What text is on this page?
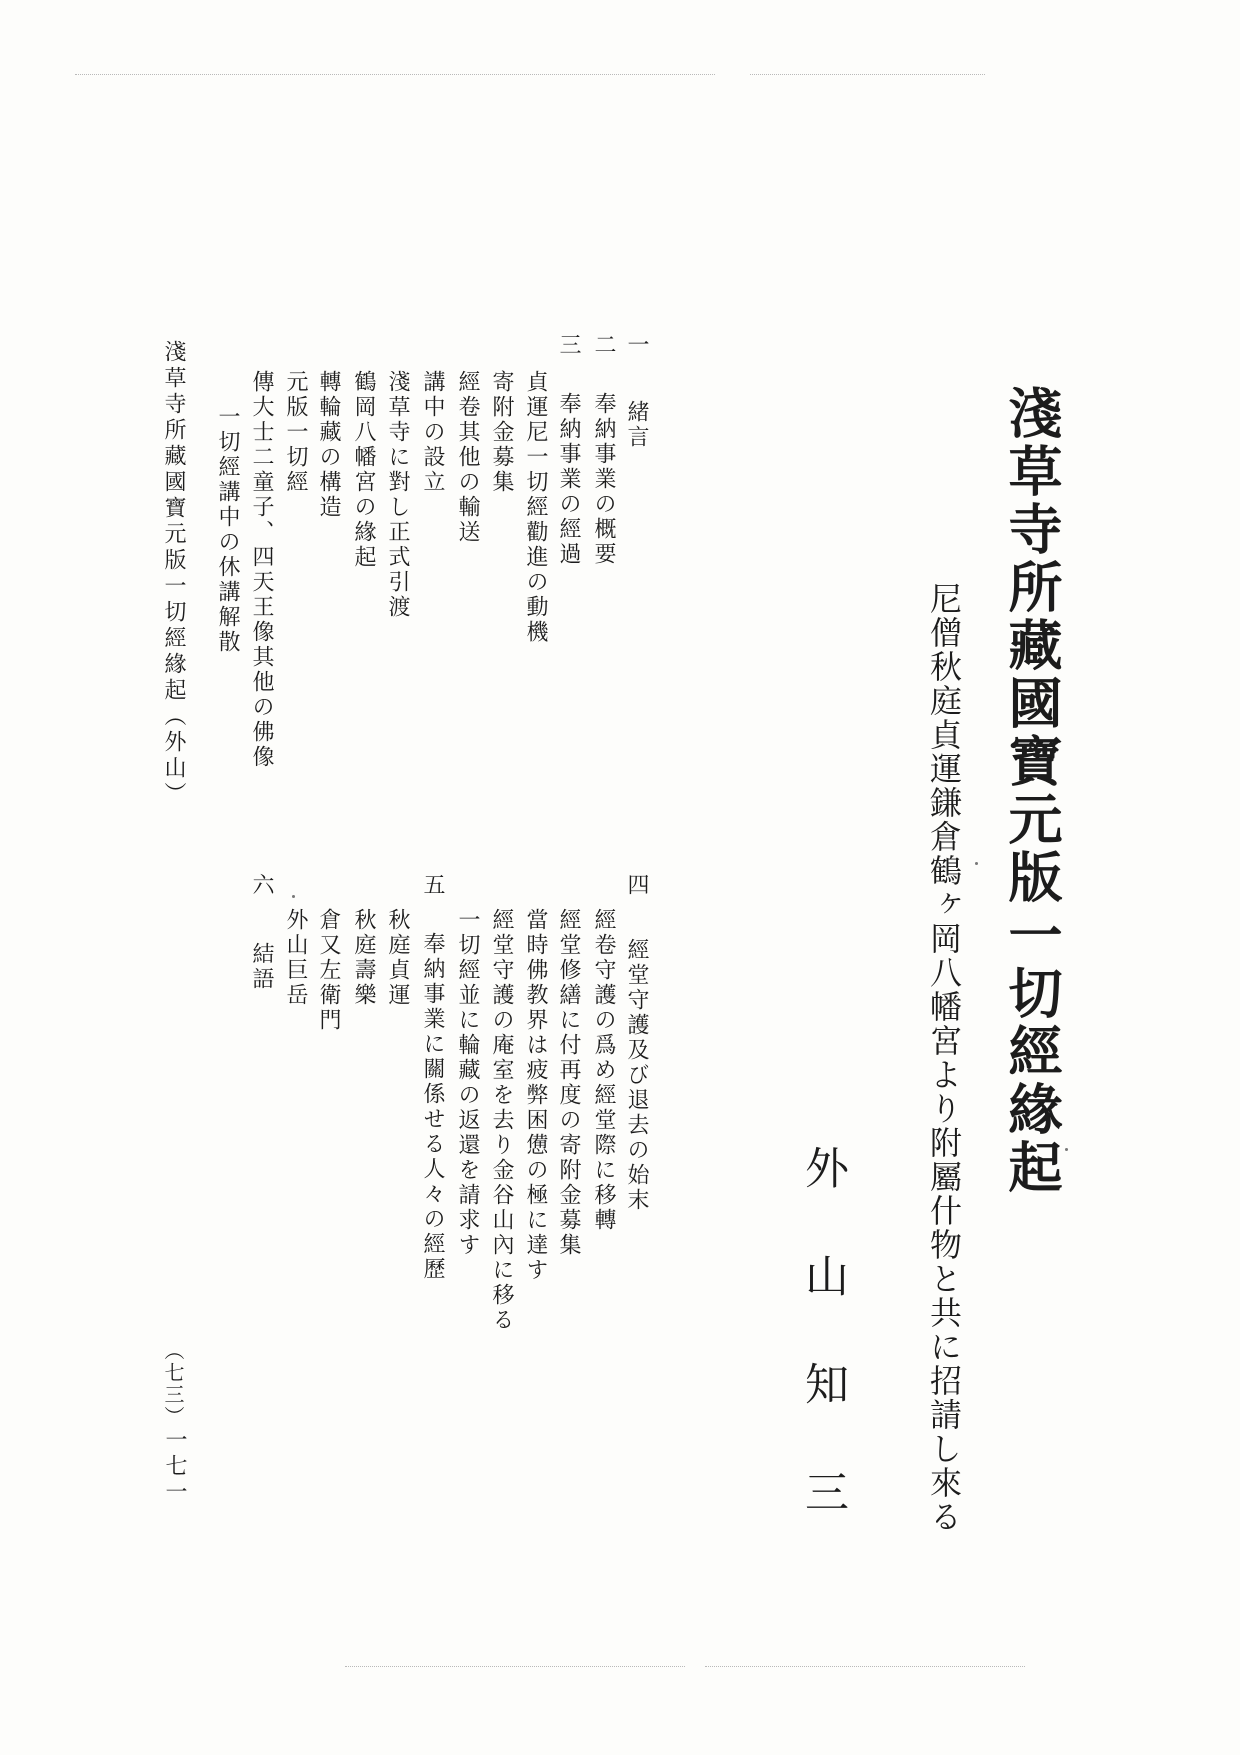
淺草寺所藏國寶元版一切經緣起
尼僧秋庭貞運鎌倉鶴ヶ岡八幡宮より附屬什物と共に招請し來る
外山知三
一 緒言
二 奉納事業の概要
三 奉納事業の經過
貞運尼一切經勸進の動機
寄附金募集
經卷其他の輸送
講中の設立
淺草寺に對し正式引渡
鶴岡八幡宮の緣起
轉輪藏の構造
元版一切經
傳大士二童子、四天王像其他の佛像
一切經講中の休講解散
四 經堂守護及び退去の始末
經卷守護の爲め經堂際に移轉
經堂修繕に付再度の寄附金募集
當時佛教界は疲弊困憊の極に達す
經堂守護の庵室を去り金谷山內に移る
一切經並に輪藏の返還を請求す
五 奉納事業に關係せる人々の經歷
秋庭貞運
秋庭壽樂
倉又左衛門
外山巨岳
六 結語
淺草寺所藏國寶元版一切經緣起（外山）
（七三）
一七一
